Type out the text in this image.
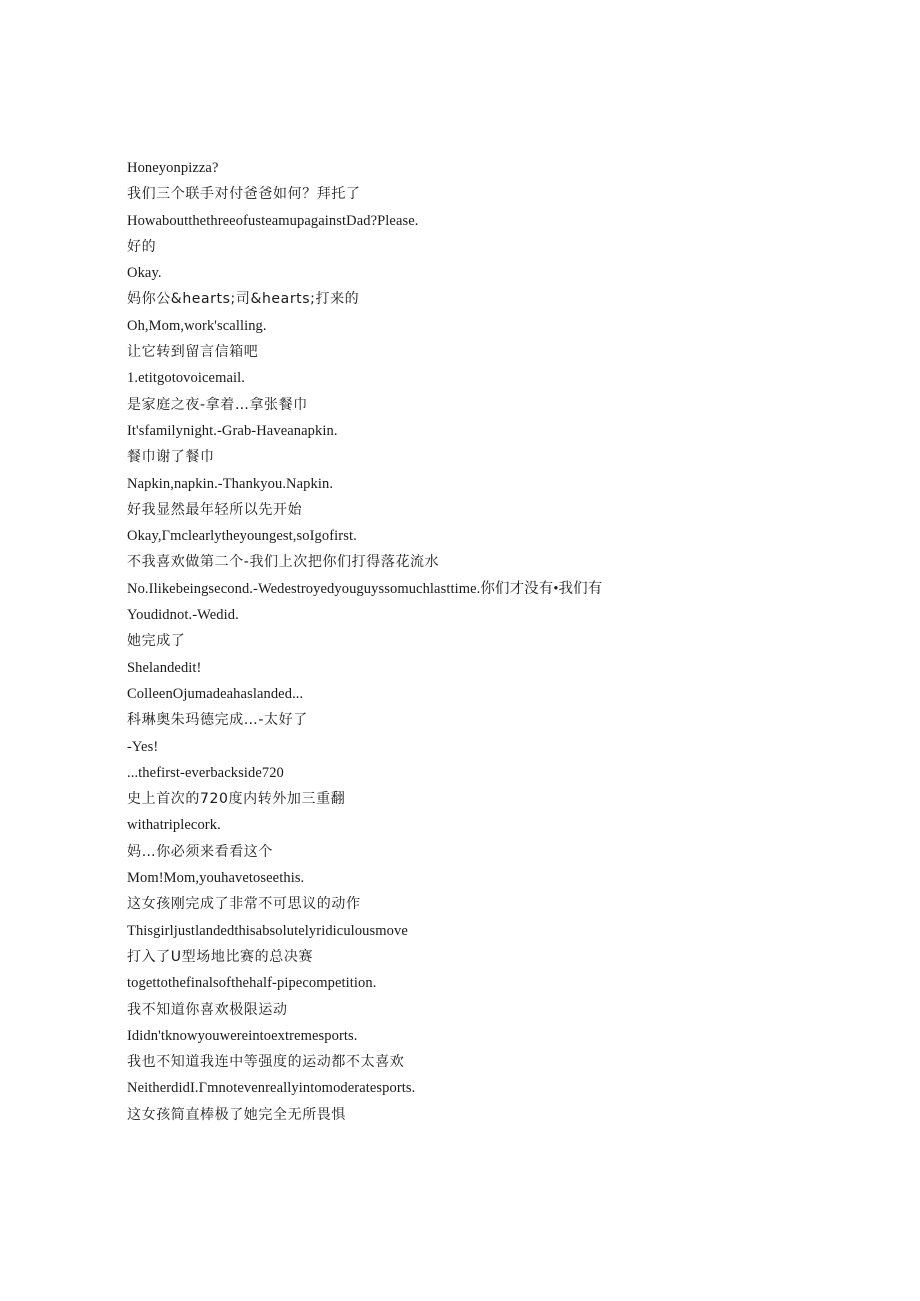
Honeyonpizza?
我们三个联手对付爸爸如何？拜托了
HowaboutthethreeofusteamupagainstDad?Please.
好的
Okay.
妈你公&hearts;司&hearts;打来的
Oh,Mom,work'scalling.
让它转到留言信箱吧
1.etitgotovoicemail.
是家庭之夜-拿着…拿张餐巾
It'sfamilynight.-Grab-Haveanapkin.
餐巾谢了餐巾
Napkin,napkin.-Thankyou.Napkin.
好我显然最年轻所以先开始
Okay,Γmclearlytheyoungest,soIgofirst.
不我喜欢做第二个-我们上次把你们打得落花流水
No.Ilikebeingsecond.-Wedestroyedyouguyssomuchlasttime.你们才没有•我们有
Youdidnot.-Wedid.
她完成了
Shelandedit!
ColleenOjumadeahaslanded...
科琳奥朱玛德完成…-太好了
-Yes!
...thefirst-everbackside720
史上首次的720度内转外加三重翻
withatriplecork.
妈…你必须来看看这个
Mom!Mom,youhavetoseethis.
这女孩刚完成了非常不可思议的动作
Thisgirljustlandedthisabsolutelyridiculousmove
打入了U型场地比赛的总决赛
togettothefinalsofthehalf-pipecompetition.
我不知道你喜欢极限运动
Ididn'tknowyouwereintoextremesports.
我也不知道我连中等强度的运动都不太喜欢
NeitherdidI.Γmnotevenreallyintomoderatesports.
这女孩简直棒极了她完全无所畏惧
